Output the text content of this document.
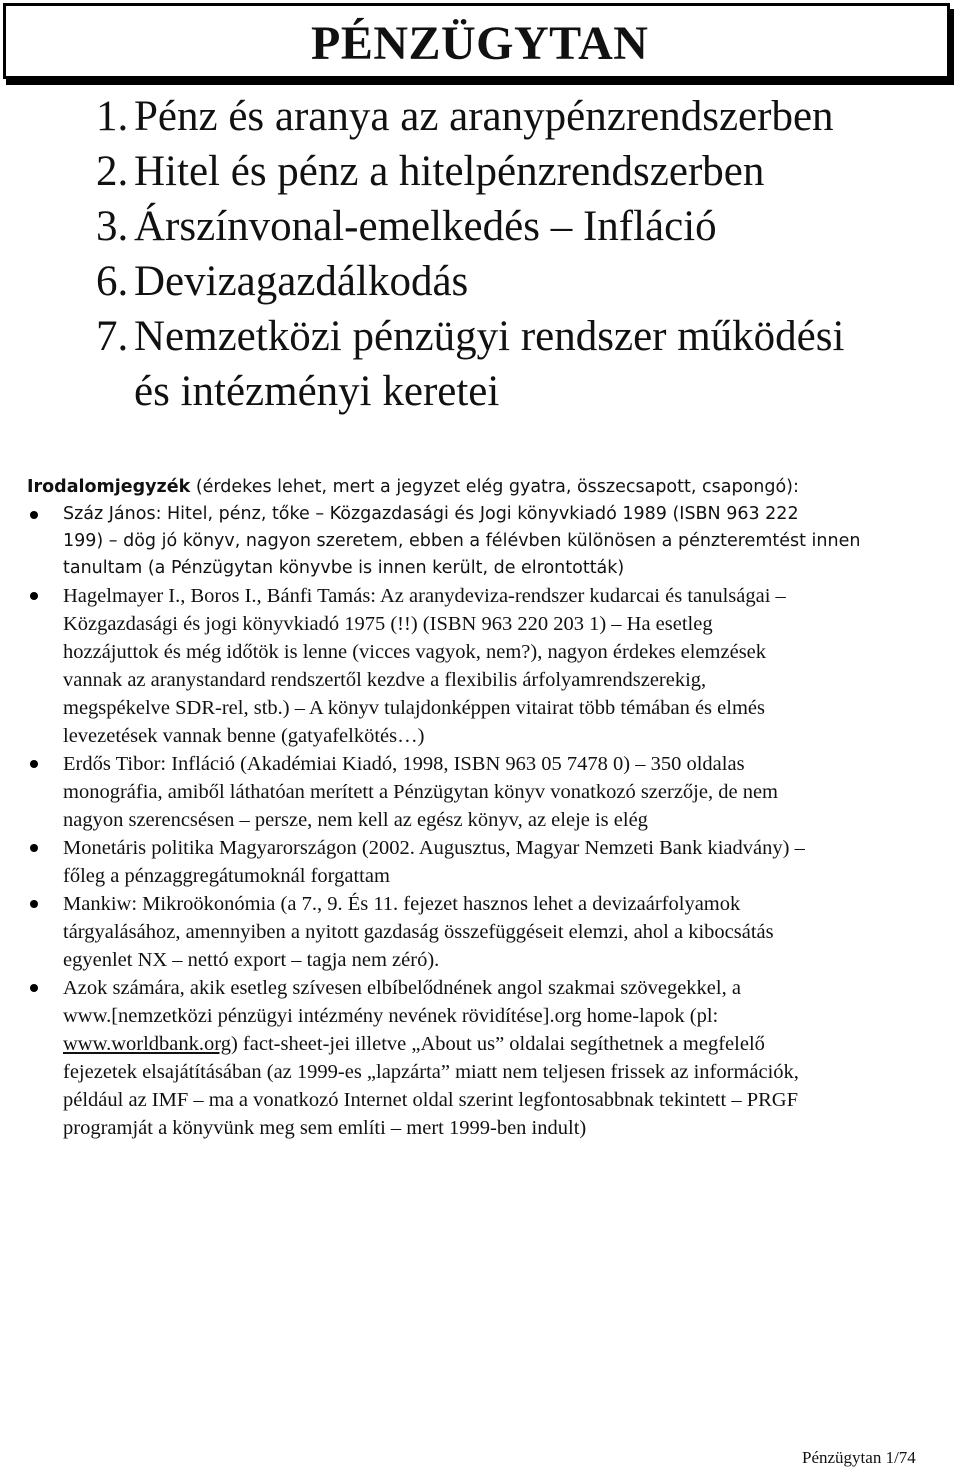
PÉNZÜGYTAN
1. Pénz és aranya az aranypénzrendszerben
2. Hitel és pénz a hitelpénzrendszerben
3. Árszínvonal-emelkedés – Infláció
6. Devizagazdálkodás
7. Nemzetközi pénzügyi rendszer működési
és intézményi keretei

Irodalomjegyzék (érdekes lehet, mert a jegyzet elég gyatra, összecsapott, csapongó):

Száz János: Hitel, pénz, tőke – Közgazdasági és Jogi könyvkiadó 1989 (ISBN 963 222
199) – dög jó könyv, nagyon szeretem, ebben a félévben különösen a pénzteremtést innen
tanultam (a Pénzügytan könyvbe is innen került, de elrontották)
Hagelmayer I., Boros I., Bánfi Tamás: Az aranydeviza-rendszer kudarcai és tanulságai –
Közgazdasági és jogi könyvkiadó 1975 (!!) (ISBN 963 220 203 1) – Ha esetleg
hozzájuttok és még időtök is lenne (vicces vagyok, nem?), nagyon érdekes elemzések
vannak az aranystandard rendszertől kezdve a flexibilis árfolyamrendszerekig,
megspékelve SDR-rel, stb.) – A könyv tulajdonképpen vitairat több témában és elmés
levezetések vannak benne (gatyafelkötés…)
Erdős Tibor: Infláció (Akadémiai Kiadó, 1998, ISBN 963 05 7478 0) – 350 oldalas
monográfia, amiből láthatóan merített a Pénzügytan könyv vonatkozó szerzője, de nem
nagyon szerencsésen – persze, nem kell az egész könyv, az eleje is elég
Monetáris politika Magyarországon (2002. Augusztus, Magyar Nemzeti Bank kiadvány) –
főleg a pénzaggregátumoknál forgattam
Mankiw: Mikroökonómia (a 7., 9. És 11. fejezet hasznos lehet a devizaárfolyamok
tárgyalásához, amennyiben a nyitott gazdaság összefüggéseit elemzi, ahol a kibocsátás
egyenlet NX – nettó export – tagja nem zéró).
Azok számára, akik esetleg szívesen elbíbelődnének angol szakmai szövegekkel, a
www.[nemzetközi pénzügyi intézmény nevének rövidítése].org home-lapok (pl:
www.worldbank.org) fact-sheet-jei illetve „About us” oldalai segíthetnek a megfelelő
fejezetek elsajátításában (az 1999-es „lapzárta” miatt nem teljesen frissek az információk,
például az IMF – ma a vonatkozó Internet oldal szerint legfontosabbnak tekintett – PRGF
programját a könyvünk meg sem említi – mert 1999-ben indult)

Pénzügytan 1/74
